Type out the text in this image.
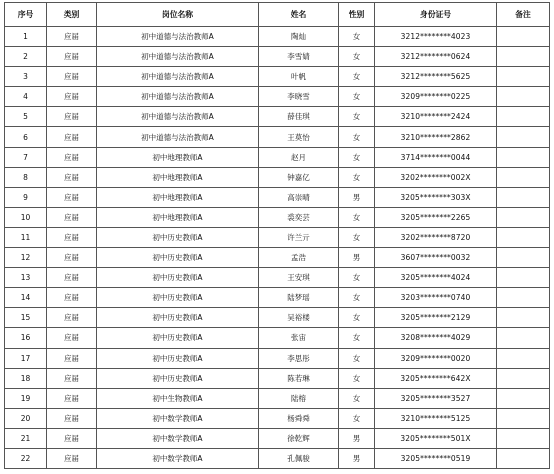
序号	类别	岗位名称	姓名	性别	身份证号	备注
1	应届	初中道德与法治教师A	陶灿	女	3212********4023	
2	应届	初中道德与法治教师A	李雪婧	女	3212********0624	
3	应届	初中道德与法治教师A	叶帆	女	3212********5625	
4	应届	初中道德与法治教师A	李晓雪	女	3209********0225	
5	应届	初中道德与法治教师A	薛佳琪	女	3210********2424	
6	应届	初中道德与法治教师A	王莫怡	女	3210********2862	
7	应届	初中地理教师A	赵月	女	3714********0044	
8	应届	初中地理教师A	钟嘉亿	女	3202********002X	
9	应届	初中地理教师A	高崇晴	男	3205********303X	
10	应届	初中地理教师A	裘奕芸	女	3205********2265	
11	应届	初中历史教师A	许兰亓	女	3202********8720	
12	应届	初中历史教师A	孟浩	男	3607********0032	
13	应届	初中历史教师A	王安琪	女	3205********4024	
14	应届	初中历史教师A	陆梦瑶	女	3203********0740	
15	应届	初中历史教师A	吴裕楼	女	3205********2129	
16	应届	初中历史教师A	张宙	女	3208********4029	
17	应届	初中历史教师A	李思彤	女	3209********0020	
18	应届	初中历史教师A	陈若琳	女	3205********642X	
19	应届	初中生物教师A	陆榕	女	3205********3527	
20	应届	初中数学教师A	杨舜舜	女	3210********5125	
21	应届	初中数学教师A	徐乾辉	男	3205********501X	
22	应届	初中数学教师A	孔佩骏	男	3205********0519	
